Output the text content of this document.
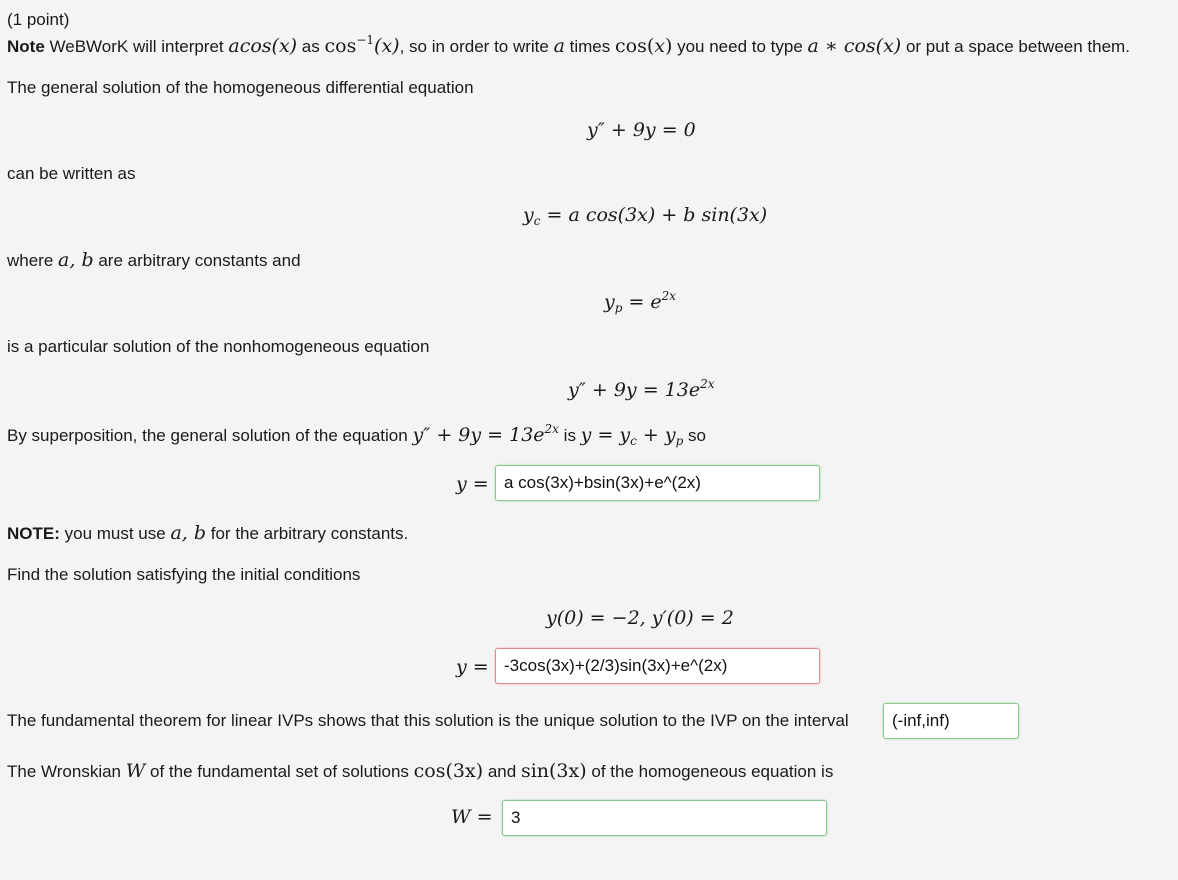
(1 point)
Note WeBWorK will interpret acos(x) as $\cos^{-1}(x)$, so in order to write a times cos(x) you need to type a ∗ cos(x) or put a space between them.
The general solution of the homogeneous differential equation
y″ + 9y = 0
can be written as
$y_c = a$ cos(3x) + b sin(3x)
where a, b are arbitrary constants and
$y_p = e^{2x}$
is a particular solution of the nonhomogeneous equation
$y'' + 9y = 13e^{2x}$
By superposition, the general solution of the equation $y'' + 9y = 13e^{2x}$ is $y = y_c + y_p$ so
y = a cos(3x)+bsin(3x)+e^(2x)
NOTE: you must use a, b for the arbitrary constants.
Find the solution satisfying the initial conditions
y(0) = −2, y′(0) = 2
y = -3cos(3x)+(2/3)sin(3x)+e^(2x)
The fundamental theorem for linear IVPs shows that this solution is the unique solution to the IVP on the interval	(-inf,inf)
The Wronskian W of the fundamental set of solutions cos(3x) and sin(3x) of the homogeneous equation is
W =	3
